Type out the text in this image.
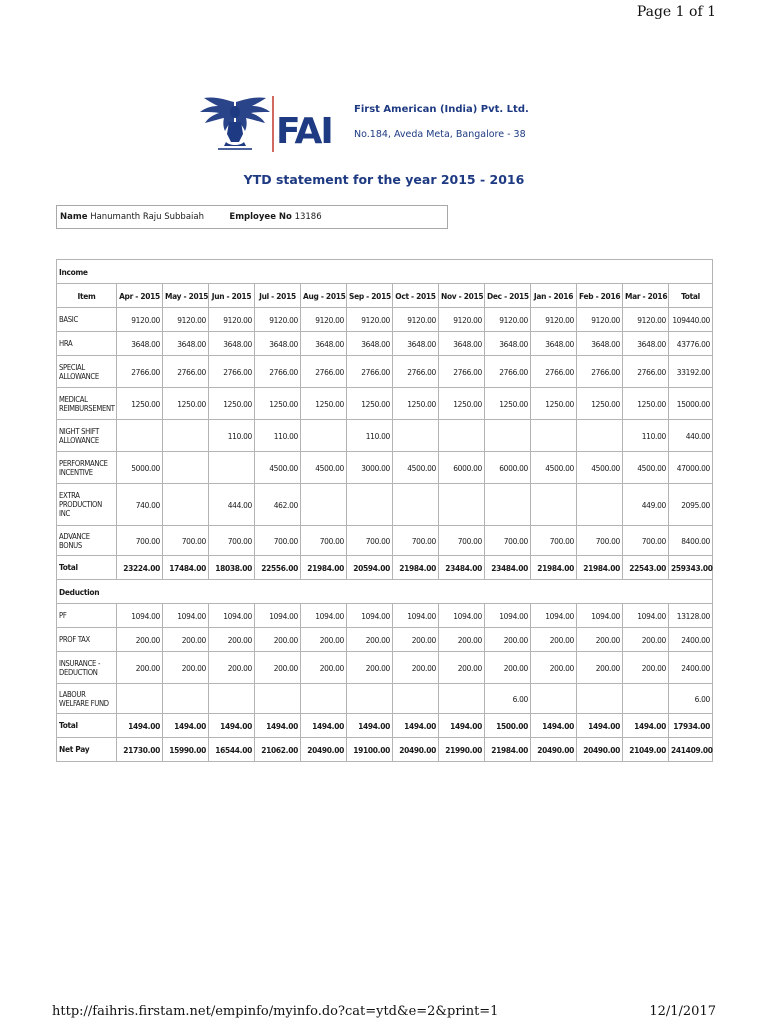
Page 1 of 1
FAI
First American (India) Pvt. Ltd.
No.184, Aveda Meta, Bangalore - 38
YTD statement for the year 2015 - 2016
Name Hanumanth Raju Subbaiah	Employee No 13186
Income													
Item	Apr - 2015	May - 2015	Jun - 2015	Jul - 2015	Aug - 2015	Sep - 2015	Oct - 2015	Nov - 2015	Dec - 2015	Jan - 2016	Feb - 2016	Mar - 2016	Total
BASIC	9120.00	9120.00	9120.00	9120.00	9120.00	9120.00	9120.00	9120.00	9120.00	9120.00	9120.00	9120.00	109440.00
HRA	3648.00	3648.00	3648.00	3648.00	3648.00	3648.00	3648.00	3648.00	3648.00	3648.00	3648.00	3648.00	43776.00
SPECIAL ALLOWANCE	2766.00	2766.00	2766.00	2766.00	2766.00	2766.00	2766.00	2766.00	2766.00	2766.00	2766.00	2766.00	33192.00
MEDICAL REIMBURSEMENT	1250.00	1250.00	1250.00	1250.00	1250.00	1250.00	1250.00	1250.00	1250.00	1250.00	1250.00	1250.00	15000.00
NIGHT SHIFT ALLOWANCE			110.00	110.00		110.00						110.00	440.00
PERFORMANCE INCENTIVE	5000.00			4500.00	4500.00	3000.00	4500.00	6000.00	6000.00	4500.00	4500.00	4500.00	47000.00
EXTRA PRODUCTION INC	740.00		444.00	462.00								449.00	2095.00
ADVANCE BONUS	700.00	700.00	700.00	700.00	700.00	700.00	700.00	700.00	700.00	700.00	700.00	700.00	8400.00
Total	23224.00	17484.00	18038.00	22556.00	21984.00	20594.00	21984.00	23484.00	23484.00	21984.00	21984.00	22543.00	259343.00
Deduction													
PF	1094.00	1094.00	1094.00	1094.00	1094.00	1094.00	1094.00	1094.00	1094.00	1094.00	1094.00	1094.00	13128.00
PROF TAX	200.00	200.00	200.00	200.00	200.00	200.00	200.00	200.00	200.00	200.00	200.00	200.00	2400.00
INSURANCE - DEDUCTION	200.00	200.00	200.00	200.00	200.00	200.00	200.00	200.00	200.00	200.00	200.00	200.00	2400.00
LABOUR WELFARE FUND									6.00				6.00
Total	1494.00	1494.00	1494.00	1494.00	1494.00	1494.00	1494.00	1494.00	1500.00	1494.00	1494.00	1494.00	17934.00
Net Pay	21730.00	15990.00	16544.00	21062.00	20490.00	19100.00	20490.00	21990.00	21984.00	20490.00	20490.00	21049.00	241409.00
http://faihris.firstam.net/empinfo/myinfo.do?cat=ytd&e=2&print=1	12/1/2017
